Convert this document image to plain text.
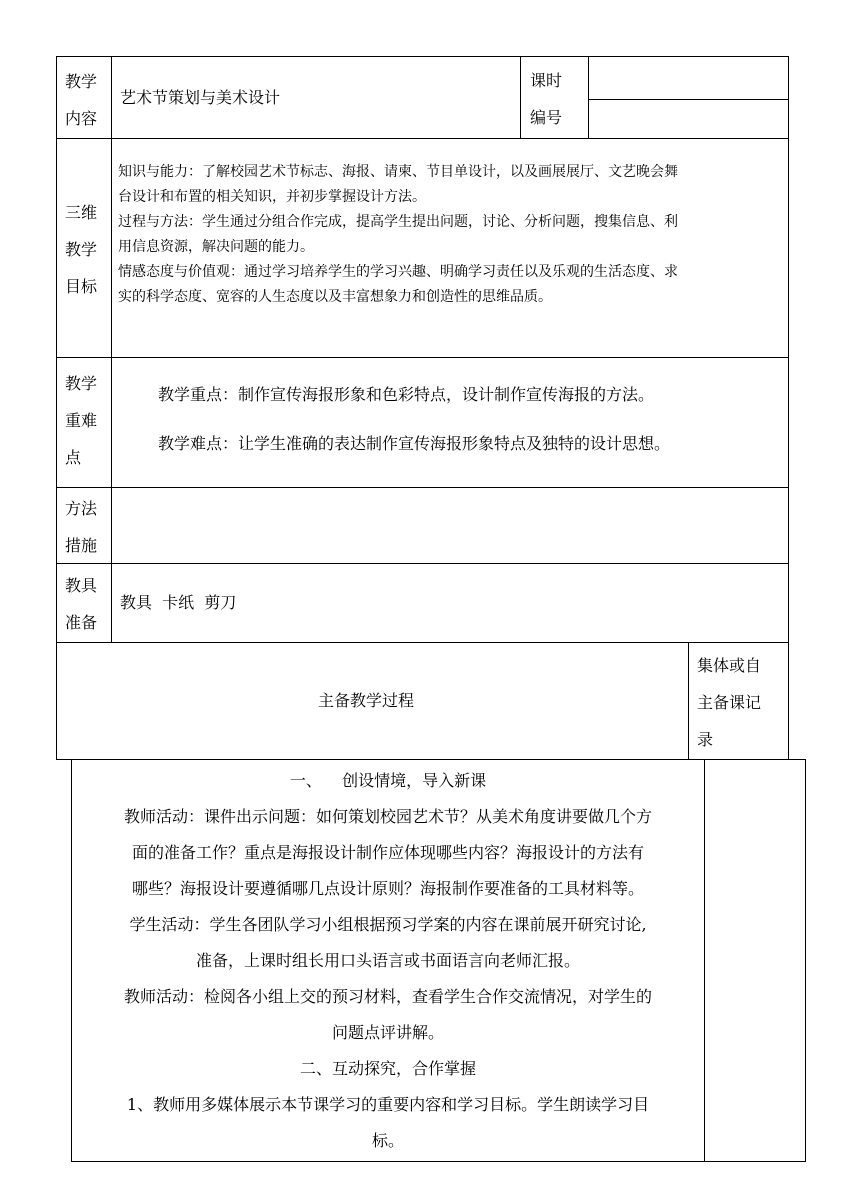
教学
内容
艺术节策划与美术设计
课时
编号
三维
教学
目标
知识与能力：了解校园艺术节标志、海报、请柬、节目单设计，以及画展展厅、文艺晚会舞
台设计和布置的相关知识，并初步掌握设计方法。
过程与方法：学生通过分组合作完成，提高学生提出问题，讨论、分析问题，搜集信息、利
用信息资源，解决问题的能力。
情感态度与价值观：通过学习培养学生的学习兴趣、明确学习责任以及乐观的生活态度、求
实的科学态度、宽容的人生态度以及丰富想象力和创造性的思维品质。
教学
重难
点
教学重点：制作宣传海报形象和色彩特点，设计制作宣传海报的方法。
教学难点：让学生准确的表达制作宣传海报形象特点及独特的设计思想。
方法
措施
教具
准备
教具  卡纸  剪刀
主备教学过程
集体或自
主备课记
录
一、    创设情境，导入新课
教师活动：课件出示问题：如何策划校园艺术节？从美术角度讲要做几个方
面的准备工作？重点是海报设计制作应体现哪些内容？海报设计的方法有
哪些？海报设计要遵循哪几点设计原则？海报制作要准备的工具材料等。
学生活动：学生各团队学习小组根据预习学案的内容在课前展开研究讨论,
准备，上课时组长用口头语言或书面语言向老师汇报。
教师活动：检阅各小组上交的预习材料，查看学生合作交流情况，对学生的
问题点评讲解。
二、互动探究，合作掌握
1、教师用多媒体展示本节课学习的重要内容和学习目标。学生朗读学习目
标。
